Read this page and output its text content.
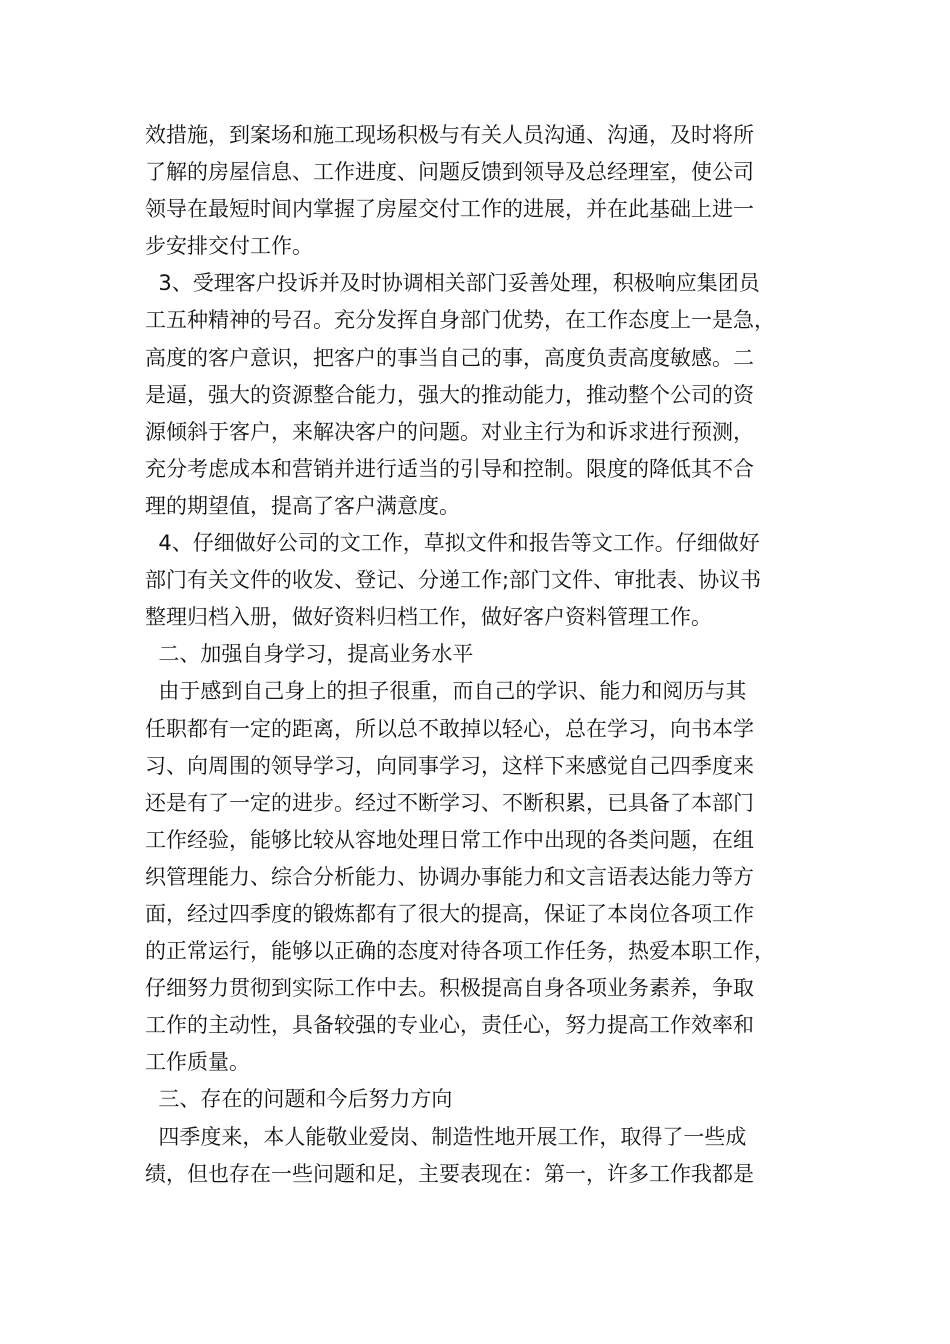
效措施，到案场和施工现场积极与有关人员沟通、沟通，及时将所
了解的房屋信息、工作进度、问题反馈到领导及总经理室，使公司
领导在最短时间内掌握了房屋交付工作的进展，并在此基础上进一
步安排交付工作。
3、受理客户投诉并及时协调相关部门妥善处理，积极响应集团员
工五种精神的号召。充分发挥自身部门优势，在工作态度上一是急，
高度的客户意识，把客户的事当自己的事，高度负责高度敏感。二
是逼，强大的资源整合能力，强大的推动能力，推动整个公司的资
源倾斜于客户，来解决客户的问题。对业主行为和诉求进行预测，
充分考虑成本和营销并进行适当的引导和控制。限度的降低其不合
理的期望值，提高了客户满意度。
4、仔细做好公司的文工作，草拟文件和报告等文工作。仔细做好
部门有关文件的收发、登记、分递工作;部门文件、审批表、协议书
整理归档入册，做好资料归档工作，做好客户资料管理工作。
二、加强自身学习，提高业务水平
由于感到自己身上的担子很重，而自己的学识、能力和阅历与其
任职都有一定的距离，所以总不敢掉以轻心，总在学习，向书本学
习、向周围的领导学习，向同事学习，这样下来感觉自己四季度来
还是有了一定的进步。经过不断学习、不断积累，已具备了本部门
工作经验，能够比较从容地处理日常工作中出现的各类问题，在组
织管理能力、综合分析能力、协调办事能力和文言语表达能力等方
面，经过四季度的锻炼都有了很大的提高，保证了本岗位各项工作
的正常运行，能够以正确的态度对待各项工作任务，热爱本职工作，
仔细努力贯彻到实际工作中去。积极提高自身各项业务素养，争取
工作的主动性，具备较强的专业心，责任心，努力提高工作效率和
工作质量。
三、存在的问题和今后努力方向
四季度来，本人能敬业爱岗、制造性地开展工作，取得了一些成
绩，但也存在一些问题和足，主要表现在：第一，许多工作我都是
